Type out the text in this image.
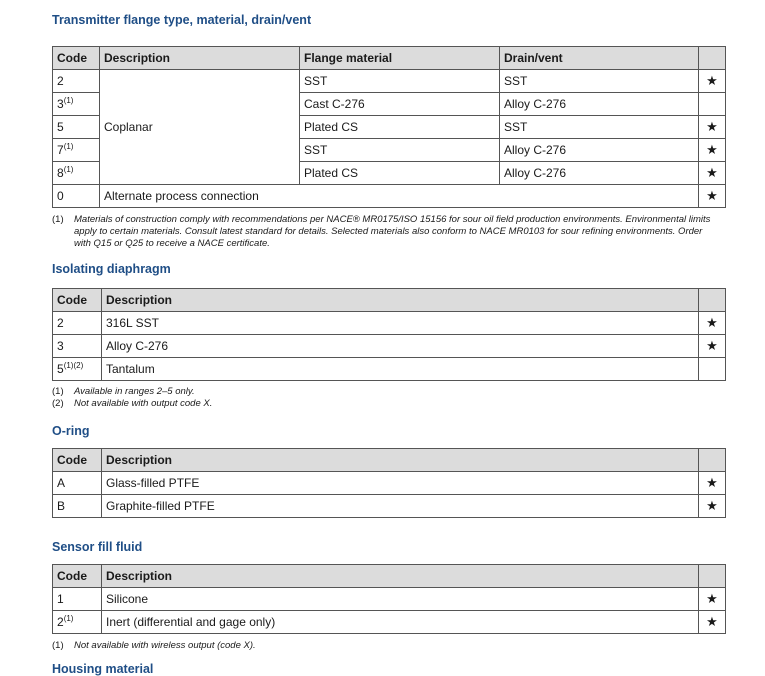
Transmitter flange type, material, drain/vent
Code	Description	Flange material	Drain/vent	
2	Coplanar	SST	SST	★
3$^{(1)}$		Cast C-276	Alloy C-276	
5		Plated CS	SST	★
7$^{(1)}$		SST	Alloy C-276	★
8$^{(1)}$		Plated CS	Alloy C-276	★
0	Alternate process connection			★
(1)	Materials of construction comply with recommendations per NACE® MR0175/ISO 15156 for sour oil field production environments. Environmental limits apply to certain materials. Consult latest standard for details. Selected materials also conform to NACE MR0103 for sour refining environments. Order with Q15 or Q25 to receive a NACE certificate.
Isolating diaphragm
Code	Description	
2	316L SST	★
3	Alloy C-276	★
$5^{(1)(2)}$	Tantalum	
(1)	Available in ranges 2–5 only.
(2)	Not available with output code X.
O-ring
Code	Description	
A	Glass-filled PTFE	★
B	Graphite-filled PTFE	★
Sensor fill fluid
Code	Description	
1	Silicone	★
2$^{(1)}$	Inert (differential and gage only)	★
(1)	Not available with wireless output (code X).
Housing material
